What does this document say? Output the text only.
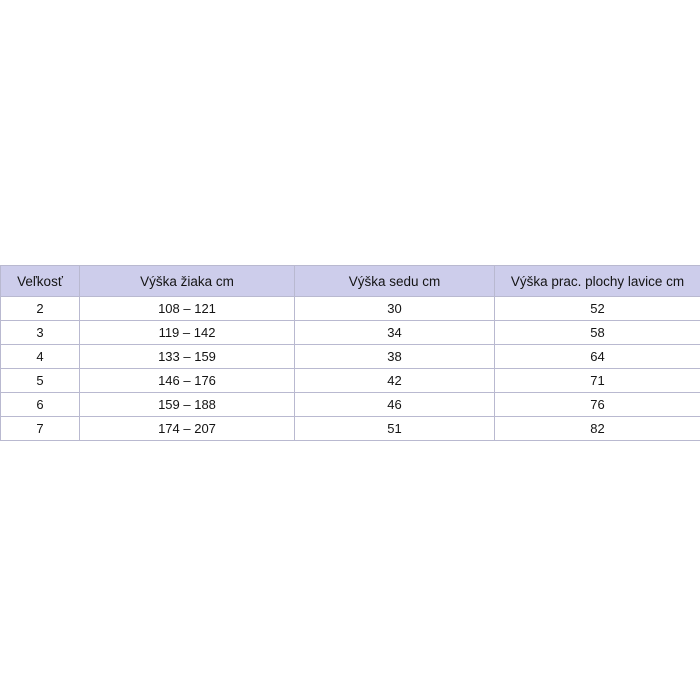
Veľkosť	Výška žiaka cm	Výška sedu cm	Výška prac. plochy lavice cm
2	108 – 121	30	52
3	119 – 142	34	58
4	133 – 159	38	64
5	146 – 176	42	71
6	159 – 188	46	76
7	174 – 207	51	82
